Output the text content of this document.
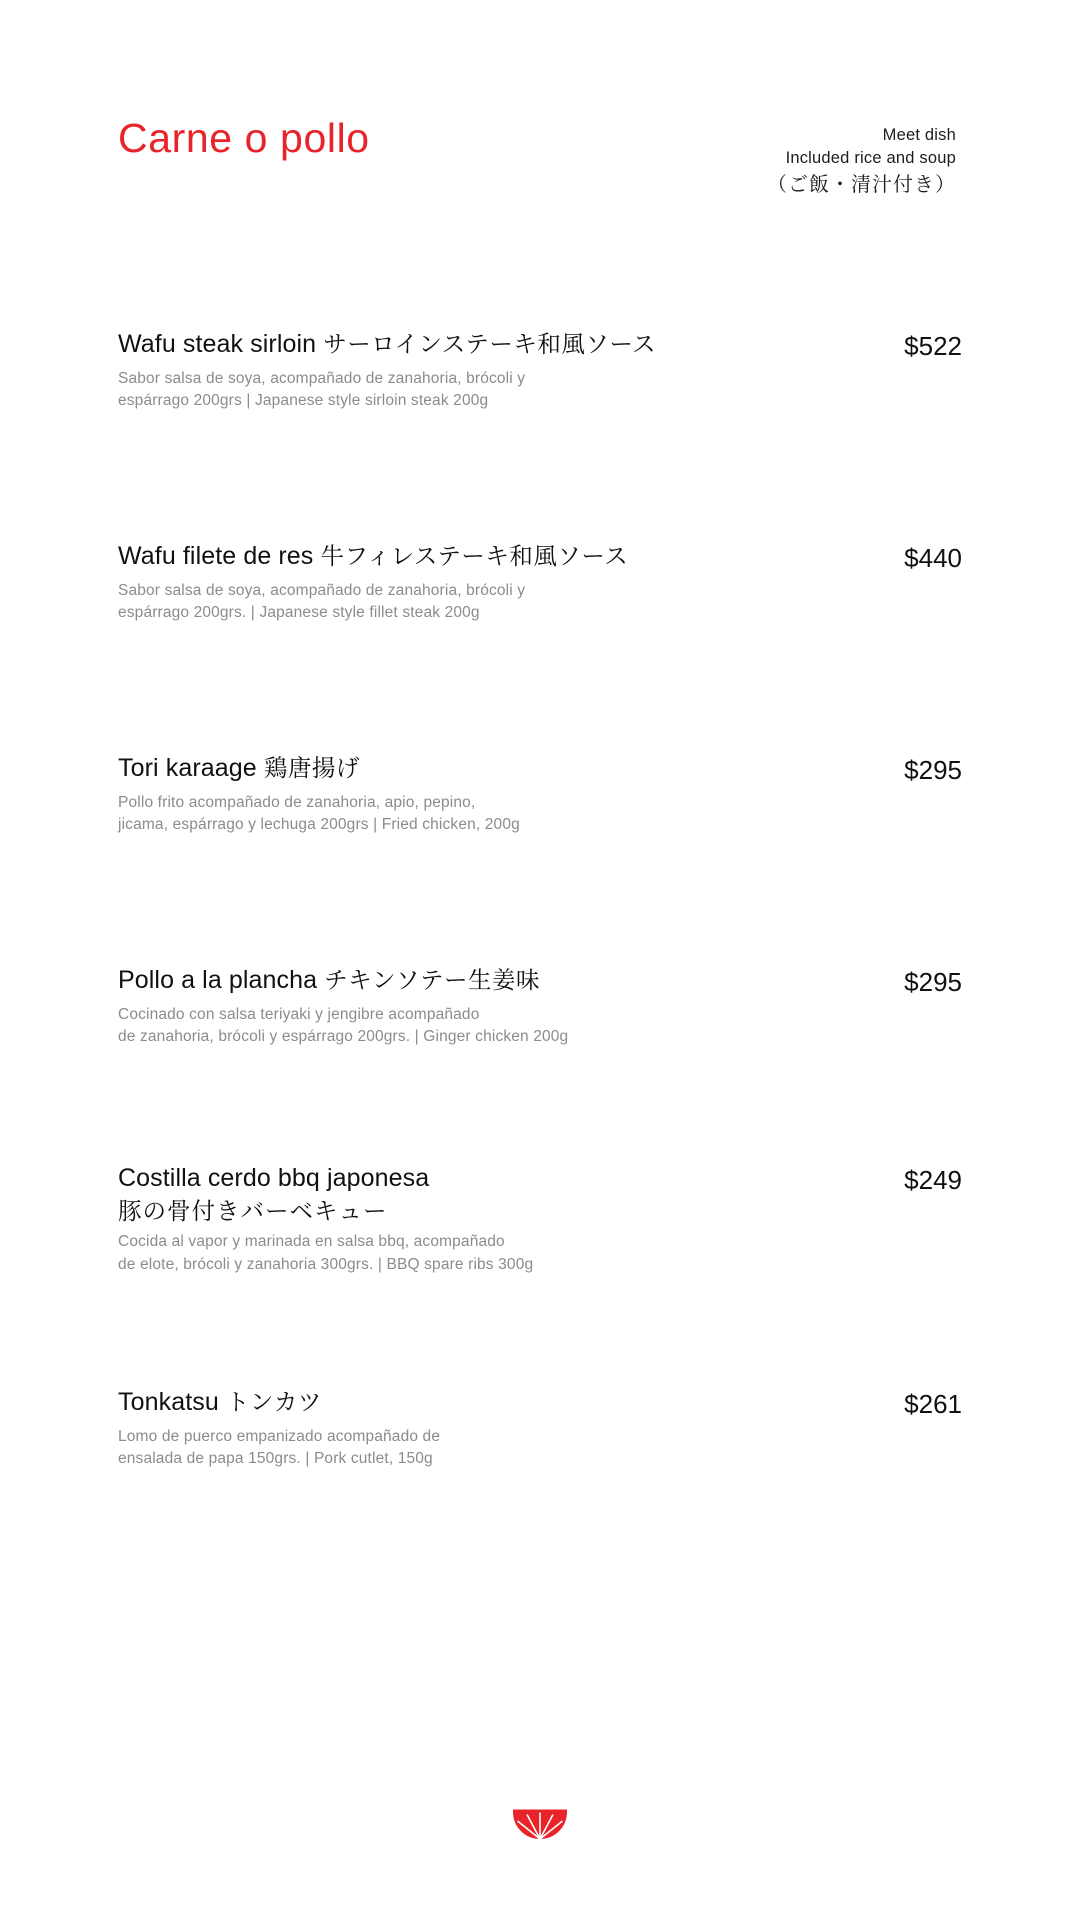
Carne o pollo	Meet dish
Included rice and soup
（ご飯・清汁付き）
Wafu steak sirloin サーロインステーキ和風ソース	$522
Sabor salsa de soya, acompañado de zanahoria, brócoli y
espárrago 200grs | Japanese style sirloin steak 200g
Wafu filete de res 牛フィレステーキ和風ソース	$440
Sabor salsa de soya, acompañado de zanahoria, brócoli y
espárrago 200grs. | Japanese style fillet steak 200g
Tori karaage 鶏唐揚げ	$295
Pollo frito acompañado de zanahoria, apio, pepino,
jicama, espárrago y lechuga 200grs | Fried chicken, 200g
Pollo a la plancha チキンソテー生姜味	$295
Cocinado con salsa teriyaki y jengibre acompañado
de zanahoria, brócoli y espárrago 200grs. | Ginger chicken 200g
Costilla cerdo bbq japonesa
豚の骨付きバーベキュー
$249
Cocida al vapor y marinada en salsa bbq, acompañado
de elote, brócoli y zanahoria 300grs. | BBQ spare ribs 300g
Tonkatsu トンカツ	$261
Lomo de puerco empanizado acompañado de
ensalada de papa 150grs. | Pork cutlet, 150g
